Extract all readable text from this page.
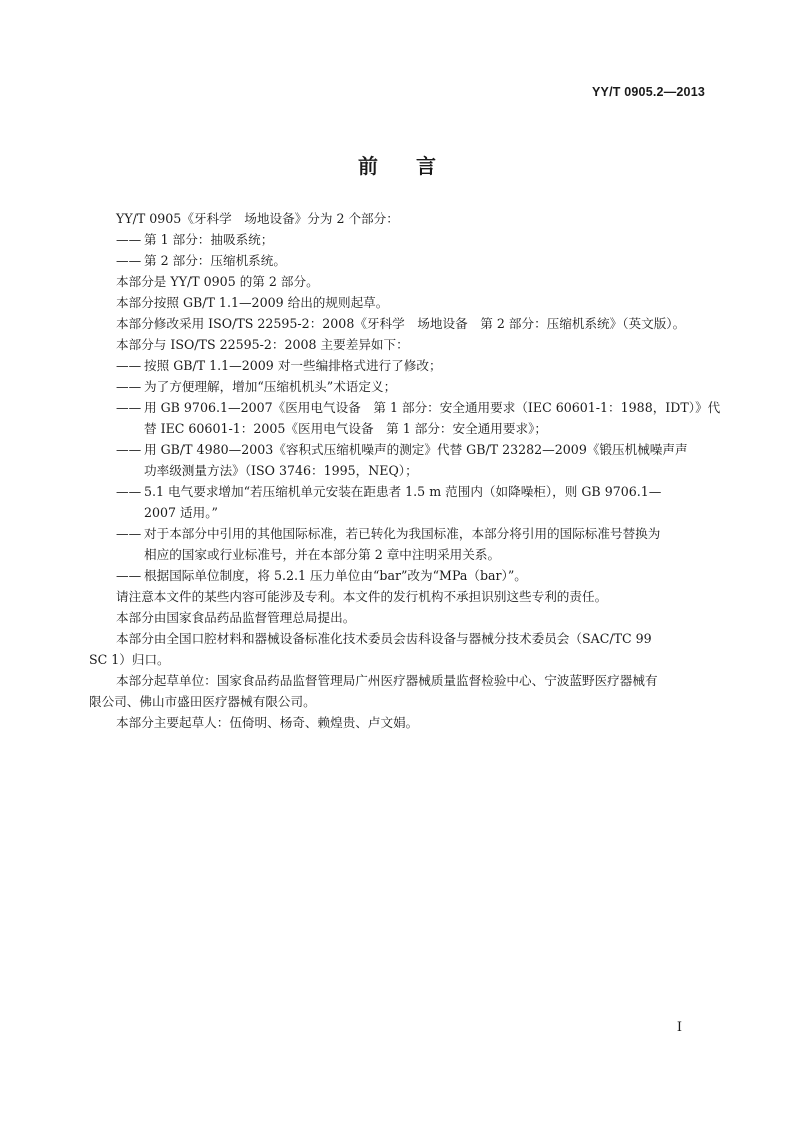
YY/T 0905.2—2013
前 言

YY/T 0905《牙科学　场地设备》分为 2 个部分：

—— 第 1 部分：抽吸系统；

—— 第 2 部分：压缩机系统。

本部分是 YY/T 0905 的第 2 部分。

本部分按照 GB/T 1.1—2009 给出的规则起草。

本部分修改采用 ISO/TS 22595-2：2008《牙科学　场地设备　第 2 部分：压缩机系统》（英文版）。

本部分与 ISO/TS 22595-2：2008 主要差异如下：

—— 按照 GB/T 1.1—2009 对一些编排格式进行了修改；

—— 为了方便理解，增加“压缩机机头”术语定义；

—— 用 GB 9706.1—2007《医用电气设备　第 1 部分：安全通用要求（IEC 60601-1：1988，IDT）》代

替 IEC 60601-1：2005《医用电气设备　第 1 部分：安全通用要求》；

—— 用 GB/T 4980—2003《容积式压缩机噪声的测定》代替 GB/T 23282—2009《锻压机械噪声声

功率级测量方法》（ISO 3746：1995，NEQ）；

—— 5.1 电气要求增加“若压缩机单元安装在距患者 1.5 m 范围内（如降噪柜），则 GB 9706.1—

2007 适用。”

—— 对于本部分中引用的其他国际标准，若已转化为我国标准，本部分将引用的国际标准号替换为

相应的国家或行业标准号，并在本部分第 2 章中注明采用关系。

—— 根据国际单位制度，将 5.2.1 压力单位由“bar”改为“MPa（bar）”。

请注意本文件的某些内容可能涉及专利。本文件的发行机构不承担识别这些专利的责任。

本部分由国家食品药品监督管理总局提出。

本部分由全国口腔材料和器械设备标准化技术委员会齿科设备与器械分技术委员会（SAC/TC 99

SC 1）归口。

本部分起草单位：国家食品药品监督管理局广州医疗器械质量监督检验中心、宁波蓝野医疗器械有

限公司、佛山市盛田医疗器械有限公司。

本部分主要起草人：伍倚明、杨奇、赖煌贵、卢文娟。

I
